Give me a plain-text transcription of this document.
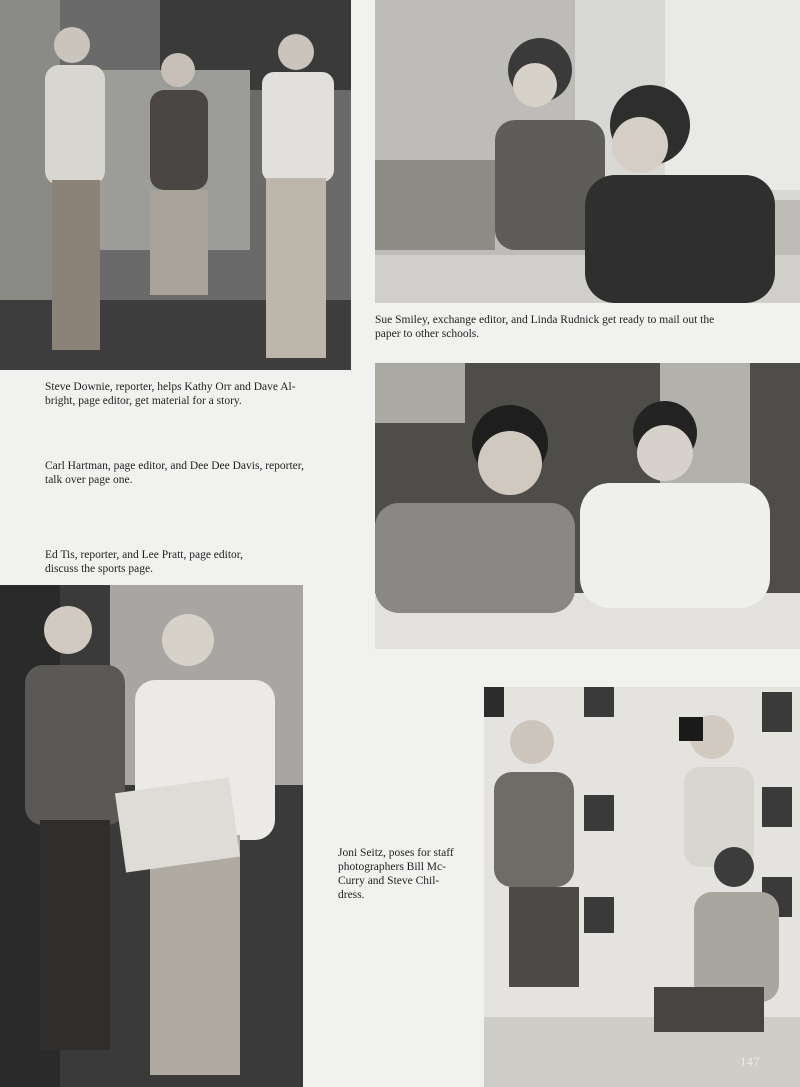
Steve Downie, reporter, helps Kathy Orr and Dave Al-
bright, page editor, get material for a story.
Carl Hartman, page editor, and Dee Dee Davis, reporter,
talk over page one.
Ed Tis, reporter, and Lee Pratt, page editor,
discuss the sports page.
Sue Smiley, exchange editor, and Linda Rudnick get ready to mail out the
paper to other schools.
Joni Seitz, poses for staff
photographers Bill Mc-
Curry and Steve Chil-
dress.
147
